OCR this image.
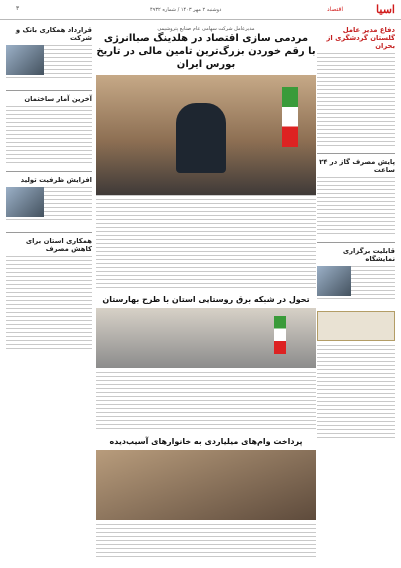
اسیا
اقتصاد
دوشنبه ۲ مهر ۱۴۰۳ / شماره ۴۹۳۲
۳
دفاع مدیر عامل گلستان گردشگری از بحران
پایش مصرف گاز در ۲۴ ساعت
قابلیت برگزاری نمایشگاه
قرارداد همکاری بانک و شرکت
آخرین آمار ساختمان
افزایش ظرفیت تولید
همکاری استان برای کاهش مصرف
مدیرعامل شرکت سهامی عام صنایع پتروشیمی
مردمی سازی اقتصاد در هلدینگ صباانرژی
با رقم خوردن بزرگ‌ترین تامین مالی در تاریخ بورس ایران
تحول در شبکه برق روستایی استان با طرح بهارستان
پرداخت وام‌های میلیاردی به خانوارهای آسیب‌دیده
